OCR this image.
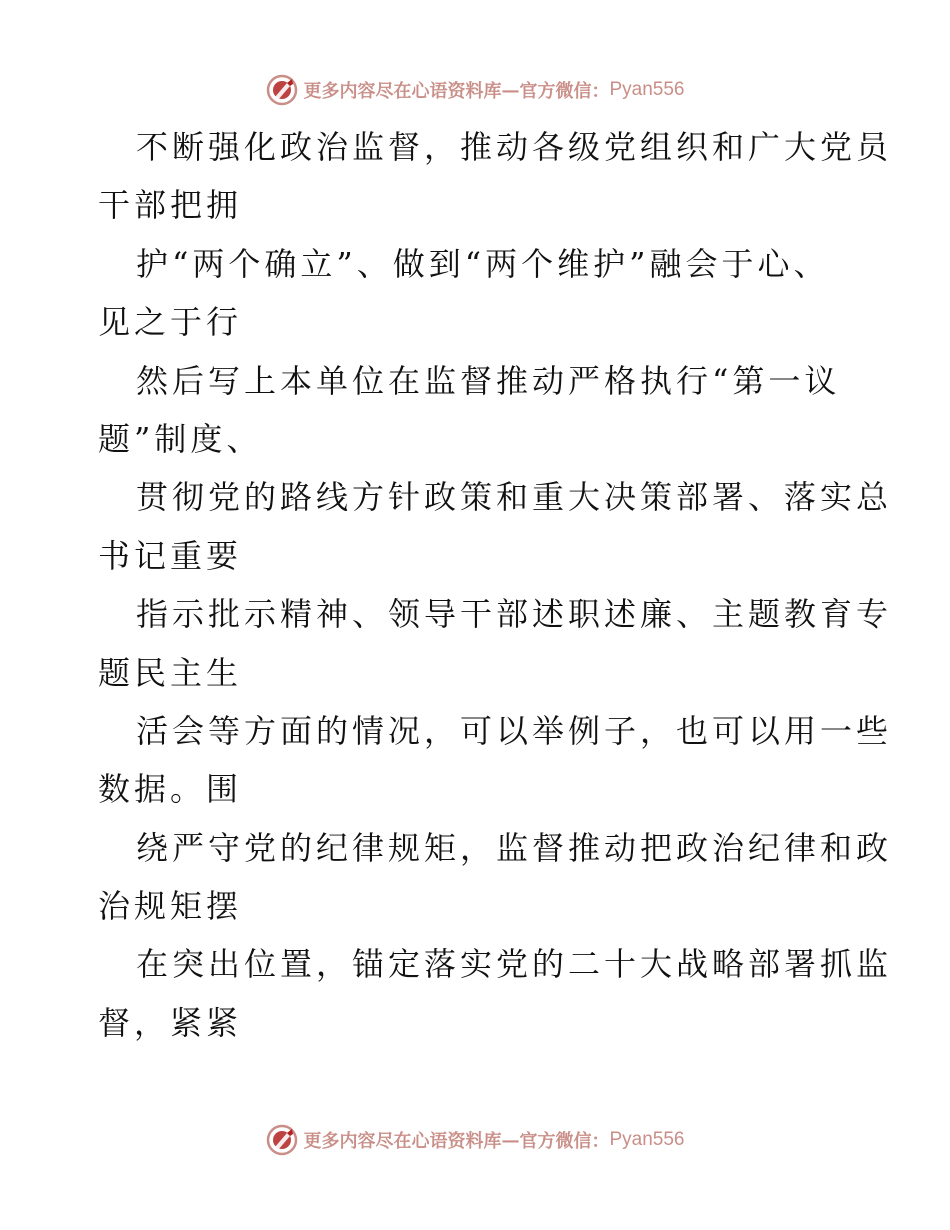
更多内容尽在心语资料库 — 官方微信： Pyan556
不断强化政治监督，推动各级党组织和广大党员
干部把拥
护“两个确立”、做到“两个维护”融会于心、
见之于行
然后写上本单位在监督推动严格执行“第一议
题”制度、
贯彻党的路线方针政策和重大决策部署、落实总
书记重要
指示批示精神、领导干部述职述廉、主题教育专
题民主生
活会等方面的情况，可以举例子，也可以用一些
数据。围
绕严守党的纪律规矩，监督推动把政治纪律和政
治规矩摆
在突出位置，锚定落实党的二十大战略部署抓监
督，紧紧
更多内容尽在心语资料库 — 官方微信： Pyan556
